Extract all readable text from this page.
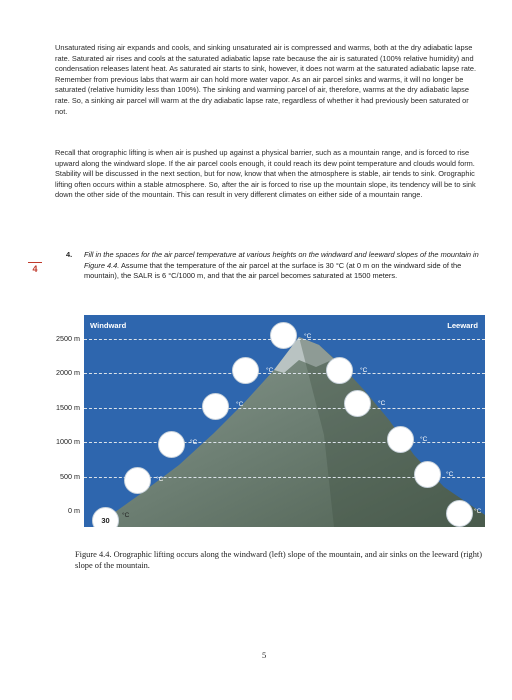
Unsaturated rising air expands and cools, and sinking unsaturated air is compressed and warms, both at the dry adiabatic lapse rate. Saturated air rises and cools at the saturated adiabatic lapse rate because the air is saturated (100% relative humidity) and condensation releases latent heat. As saturated air starts to sink, however, it does not warm at the saturated adiabatic lapse rate. Remember from previous labs that warm air can hold more water vapor. As an air parcel sinks and warms, it will no longer be saturated (relative humidity less than 100%). The sinking and warming parcel of air, therefore, warms at the dry adiabatic lapse rate. So, a sinking air parcel will warm at the dry adiabatic lapse rate, regardless of whether it had previously been saturated or not.
Recall that orographic lifting is when air is pushed up against a physical barrier, such as a mountain range, and is forced to rise upward along the windward slope. If the air parcel cools enough, it could reach its dew point temperature and clouds would form. Stability will be discussed in the next section, but for now, know that when the atmosphere is stable, air tends to sink. Orographic lifting often occurs within a stable atmosphere. So, after the air is forced to rise up the mountain slope, its tendency will be to sink down the other side of the mountain. This can result in very different climates on either side of a mountain range.
4
4. Fill in the spaces for the air parcel temperature at various heights on the windward and leeward slopes of the mountain in Figure 4.4. Assume that the temperature of the air parcel at the surface is 30 °C (at 0 m on the windward side of the mountain), the SALR is 6 °C/1000 m, and that the air parcel becomes saturated at 1500 meters.
2500 m
2000 m
1500 m
1000 m
500 m
0 m
Windward	Leeward
30
°C
°C
°C
°C
°C
°C
°C
°C
°C
°C
°C
Figure 4.4. Orographic lifting occurs along the windward (left) slope of the mountain, and air sinks on the leeward (right) slope of the mountain.
5
